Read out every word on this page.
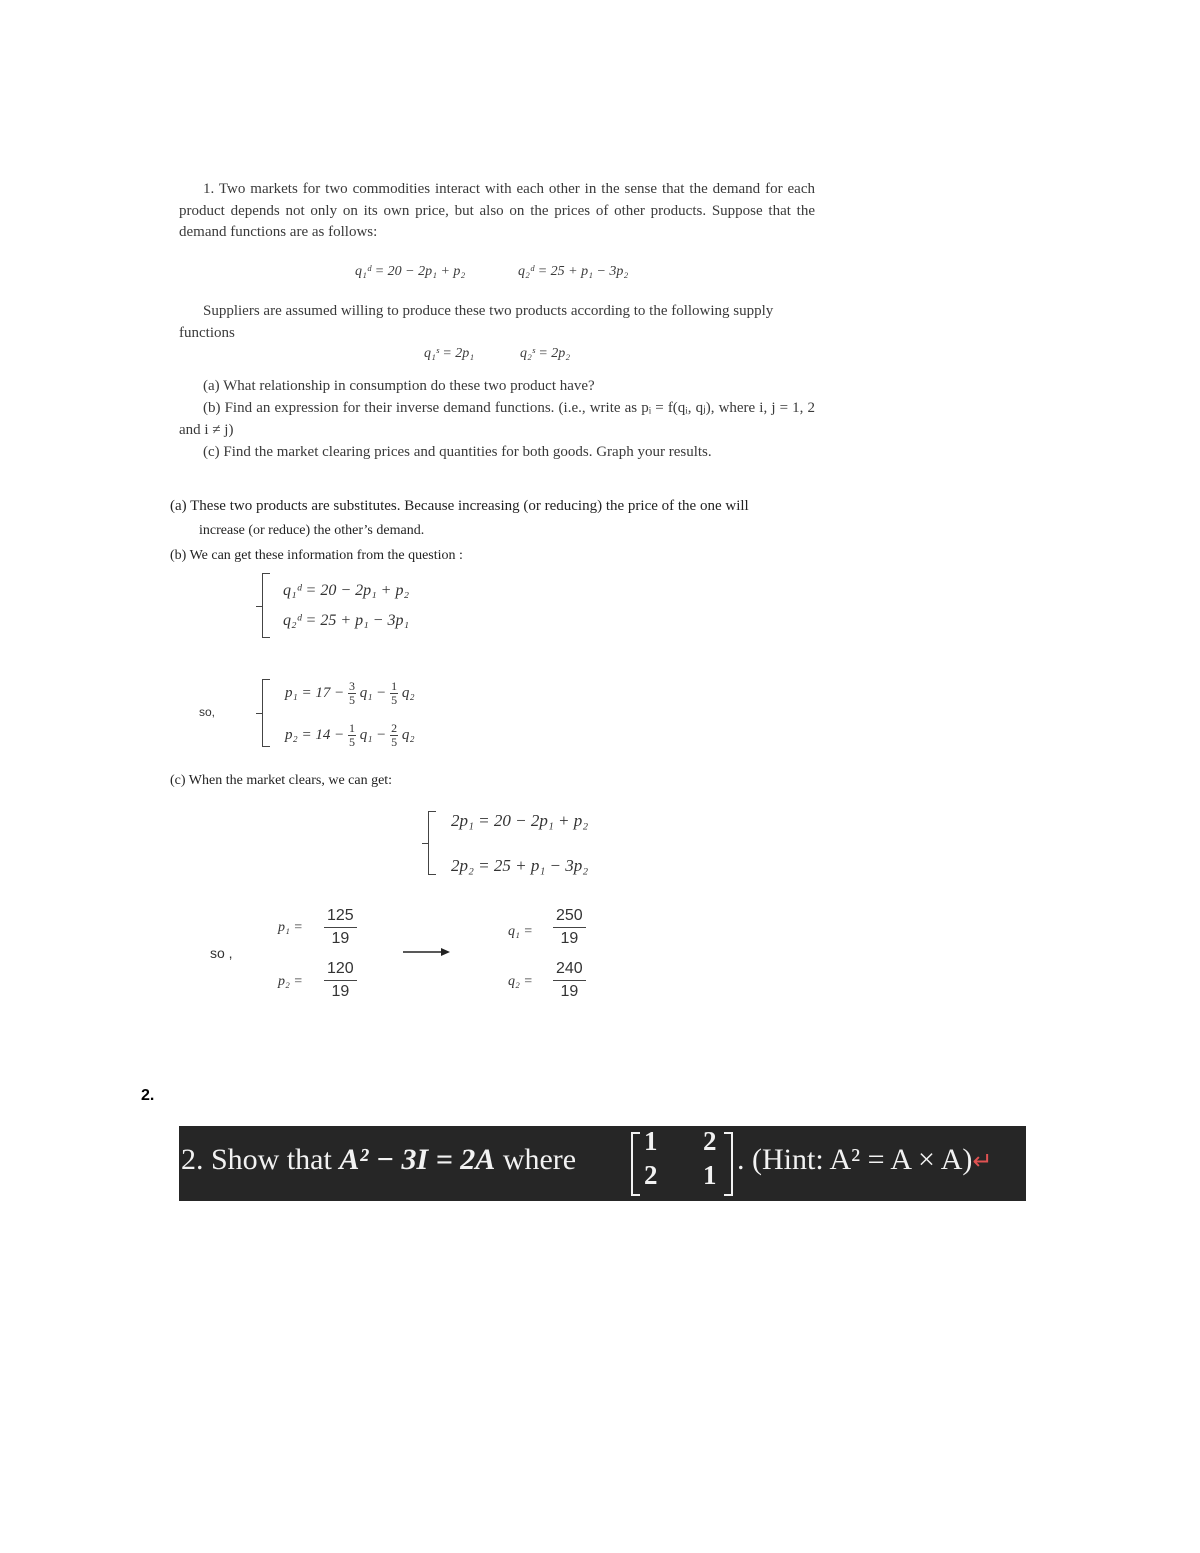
1. Two markets for two commodities interact with each other in the sense that the demand for each product depends not only on its own price, but also on the prices of other products. Suppose that the demand functions are as follows:
q₁ᵈ = 20 − 2p₁ + p₂	q₂ᵈ = 25 + p₁ − 3p₂
Suppliers are assumed willing to produce these two products according to the following supply functions
q₁ˢ = 2p₁	q₂ˢ = 2p₂
(a) What relationship in consumption do these two product have?
(b) Find an expression for their inverse demand functions. (i.e., write as pᵢ = f(qᵢ, qⱼ), where i, j = 1, 2 and i ≠ j)
(c) Find the market clearing prices and quantities for both goods. Graph your results.
(a) These two products are substitutes. Because increasing (or reducing) the price of the one will
increase (or reduce) the other’s demand.
(b) We can get these information from the question :
q₁ᵈ = 20 − 2p₁ + p₂
q₂ᵈ = 25 + p₁ − 3p₁
so,
$p_1 = 17 - \frac{3}{5} q_1 - \frac{1}{5} q_2$
$p_2 = 14 - \frac{1}{5} q_1 - \frac{2}{5} q_2$
(c) When the market clears, we can get:
2p₁ = 20 − 2p₁ + p₂
2p₂ = 25 + p₁ − 3p₂
so ,
$p_1 = \frac{125}{19}$
$p_2 = \frac{120}{19}$
$q_1 = \frac{250}{19}$
$q_2 = \frac{240}{19}$
2.
2. Show that A² − 3I = 2A where
1 2
2 1 . (Hint: A² = A × A)↵
